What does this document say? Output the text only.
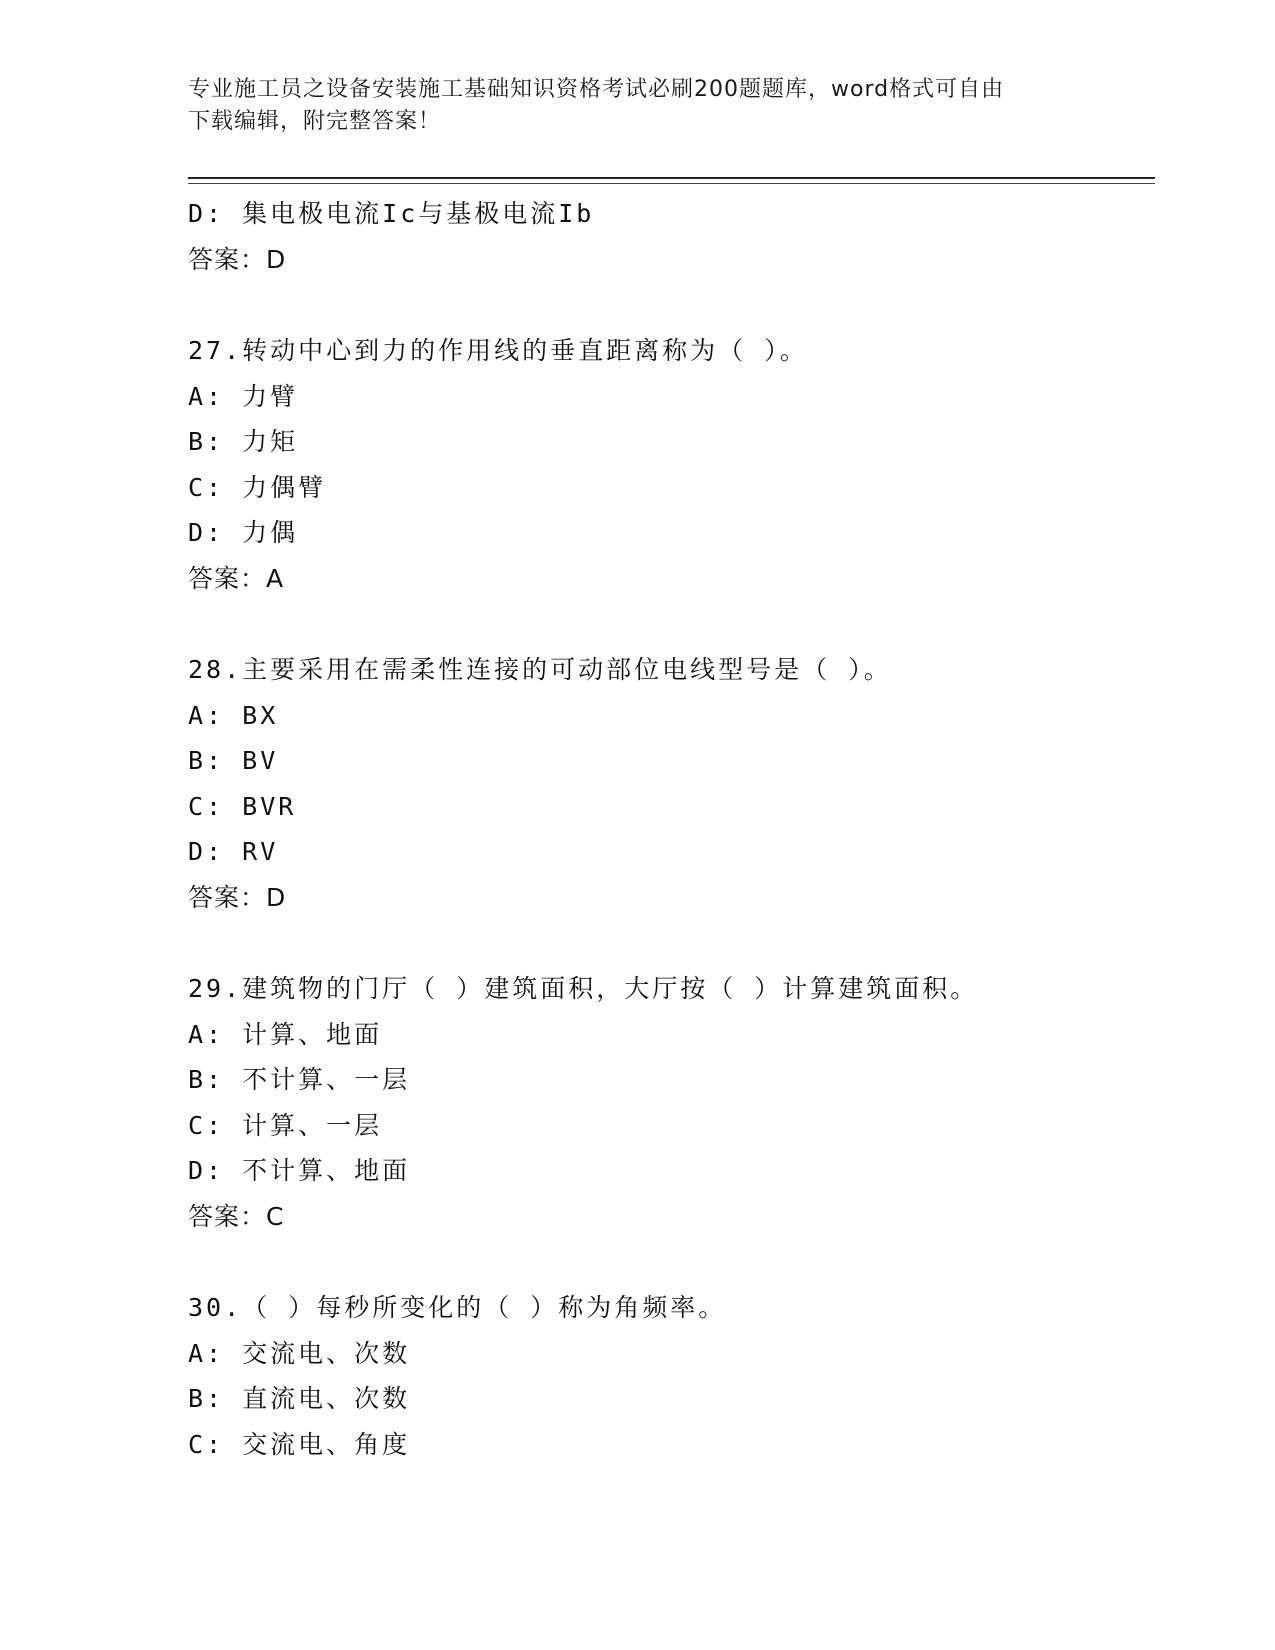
专业施工员之设备安装施工基础知识资格考试必刷200题题库，word格式可自由
下载编辑，附完整答案！
D: 集电极电流Ic与基极电流Ib
答案：D
27.转动中心到力的作用线的垂直距离称为（ ）。
A: 力臂
B: 力矩
C: 力偶臂
D: 力偶
答案：A
28.主要采用在需柔性连接的可动部位电线型号是（ ）。
A: BX
B: BV
C: BVR
D: RV
答案：D
29.建筑物的门厅（ ）建筑面积，大厅按（ ）计算建筑面积。
A: 计算、地面
B: 不计算、一层
C: 计算、一层
D: 不计算、地面
答案：C
30.（ ）每秒所变化的（ ）称为角频率。
A: 交流电、次数
B: 直流电、次数
C: 交流电、角度
